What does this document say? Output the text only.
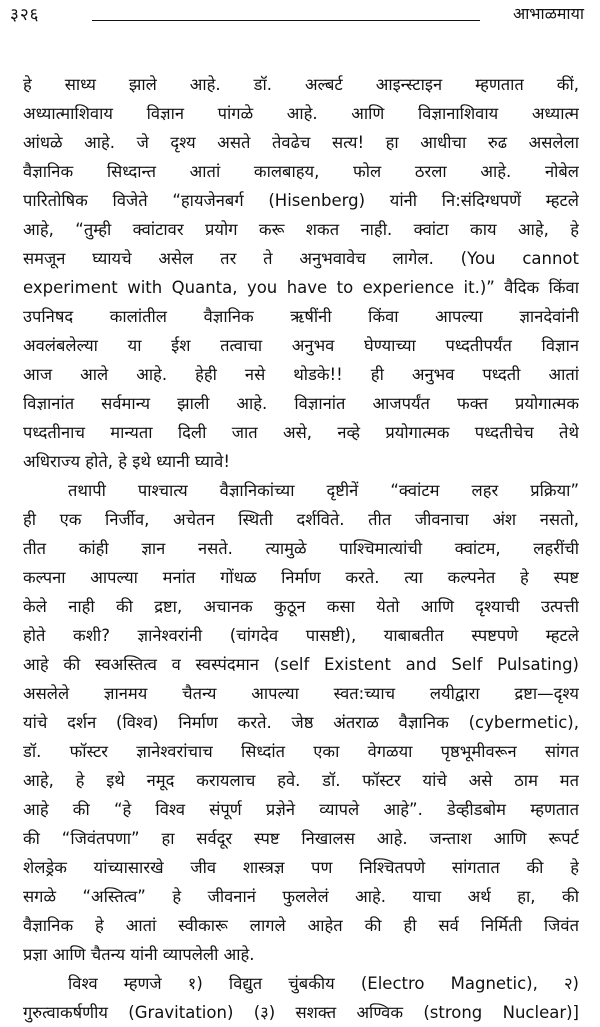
३२६	आभाळमाया
हे साध्य झाले आहे. डॉ. अल्बर्ट आइन्स्टाइन म्हणतात कीं,
अध्यात्माशिवाय विज्ञान पांगळे आहे. आणि विज्ञानाशिवाय अध्यात्म
आंधळे आहे. जे दृश्य असते तेवढेच सत्य! हा आधीचा रुढ असलेला
वैज्ञानिक सिध्दान्त आतां कालबाहय, फोल ठरला आहे. नोबेल
पारितोषिक विजेते “हायजेनबर्ग (Hisenberg) यांनी नि:संदिग्धपणें म्हटले
आहे, “तुम्ही क्वांटावर प्रयोग करू शकत नाही. क्वांटा काय आहे, हे
समजून घ्यायचे असेल तर ते अनुभवावेच लागेल. (You cannot
experiment with Quanta, you have to experience it.)” वैदिक किंवा
उपनिषद कालांतील वैज्ञानिक ऋषींनी किंवा आपल्या ज्ञानदेवांनी
अवलंबलेल्या या ईश तत्वाचा अनुभव घेण्याच्या पध्दतीपर्यंत विज्ञान
आज आले आहे. हेही नसे थोडके!! ही अनुभव पध्दती आतां
विज्ञानांत सर्वमान्य झाली आहे. विज्ञानांत आजपर्यंत फक्त प्रयोगात्मक
पध्दतीनाच मान्यता दिली जात असे, नव्हे प्रयोगात्मक पध्दतीचेच तेथे
अधिराज्य होते, हे इथे ध्यानी घ्यावे!
तथापी पाश्चात्य वैज्ञानिकांच्या दृष्टीनें “क्वांटम लहर प्रक्रिया”
ही एक निर्जीव, अचेतन स्थिती दर्शविते. तीत जीवनाचा अंश नसतो,
तीत कांही ज्ञान नसते. त्यामुळे पाश्चिमात्यांची क्वांटम, लहरींची
कल्पना आपल्या मनांत गोंधळ निर्माण करते. त्या कल्पनेत हे स्पष्ट
केले नाही की द्रष्टा, अचानक कुठून कसा येतो आणि दृश्याची उत्पत्ती
होते कशी? ज्ञानेश्वरांनी (चांगदेव पासष्टी), याबाबतीत स्पष्टपणे म्हटले
आहे की स्वअस्तित्व व स्वस्पंदमान (self Existent and Self Pulsating)
असलेले ज्ञानमय चैतन्य आपल्या स्वत:च्याच लयीद्वारा द्रष्टा—दृश्य
यांचे दर्शन (विश्व) निर्माण करते. जेष्ठ अंतराळ वैज्ञानिक (cybermetic),
डॉ. फॉस्टर ज्ञानेश्वरांचाच सिध्दांत एका वेगळया पृष्ठभूमीवरून सांगत
आहे, हे इथे नमूद करायलाच हवे. डॉ. फॉस्टर यांचे असे ठाम मत
आहे की “हे विश्व संपूर्ण प्रज्ञेने व्यापले आहे”. डेव्हीडबोम म्हणतात
की “जिवंतपणा” हा सर्वदूर स्पष्ट निखालस आहे. जन्ताश आणि रूपर्ट
शेलड्रेक यांच्यासारखे जीव शास्त्रज्ञ पण निश्चितपणे सांगतात की हे
सगळे “अस्तित्व” हे जीवनानं फुललेलं आहे. याचा अर्थ हा, की
वैज्ञानिक हे आतां स्वीकारू लागले आहेत की ही सर्व निर्मिती जिवंत
प्रज्ञा आणि चैतन्य यांनी व्यापलेली आहे.
विश्व म्हणजे १) विद्युत चुंबकीय (Electro Magnetic), २)
गुरुत्वाकर्षणीय (Gravitation) (३) सशक्त अण्विक (strong Nuclear)]
